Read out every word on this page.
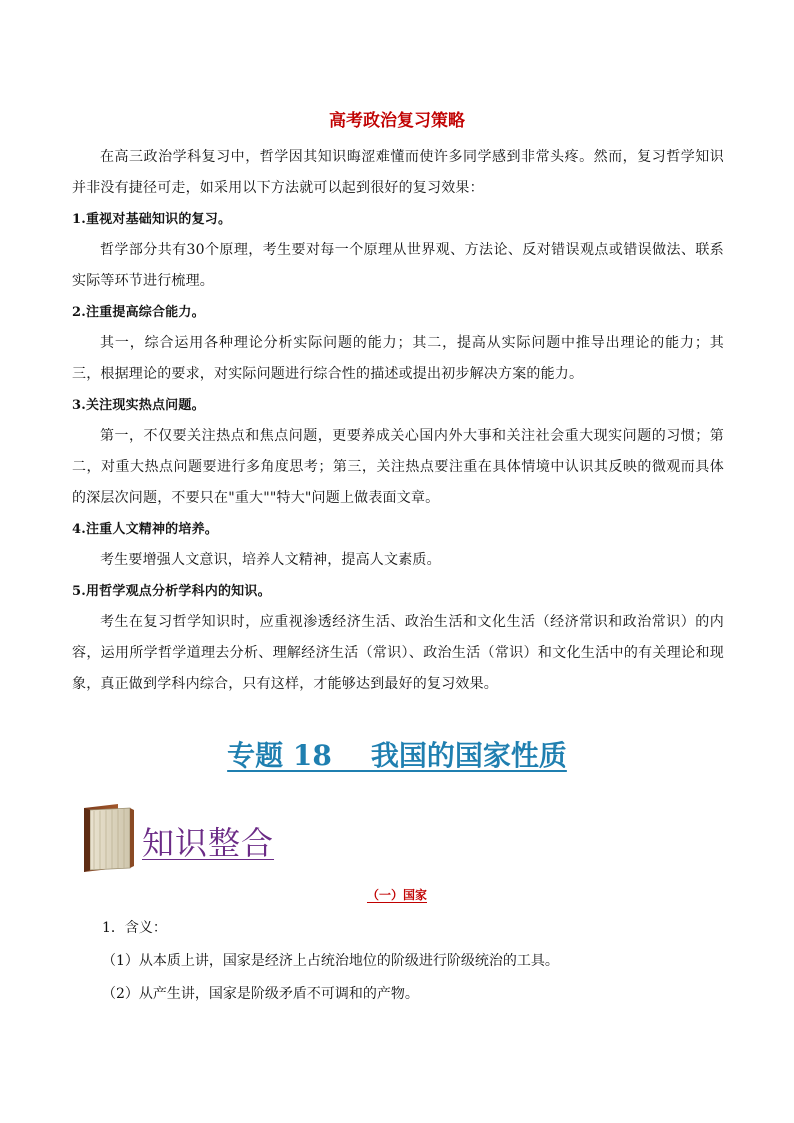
高考政治复习策略

在高三政治学科复习中，哲学因其知识晦涩难懂而使许多同学感到非常头疼。然而，复习哲学知识并非没有捷径可走，如采用以下方法就可以起到很好的复习效果：

1.重视对基础知识的复习。

哲学部分共有30个原理，考生要对每一个原理从世界观、方法论、反对错误观点或错误做法、联系实际等环节进行梳理。

2.注重提高综合能力。

其一，综合运用各种理论分析实际问题的能力；其二，提高从实际问题中推导出理论的能力；其三，根据理论的要求，对实际问题进行综合性的描述或提出初步解决方案的能力。

3.关注现实热点问题。

第一，不仅要关注热点和焦点问题，更要养成关心国内外大事和关注社会重大现实问题的习惯；第二，对重大热点问题要进行多角度思考；第三，关注热点要注重在具体情境中认识其反映的微观而具体的深层次问题，不要只在"重大""特大"问题上做表面文章。

4.注重人文精神的培养。

考生要增强人文意识，培养人文精神，提高人文素质。

5.用哲学观点分析学科内的知识。

考生在复习哲学知识时，应重视渗透经济生活、政治生活和文化生活（经济常识和政治常识）的内容，运用所学哲学道理去分析、理解经济生活（常识）、政治生活（常识）和文化生活中的有关理论和现象，真正做到学科内综合，只有这样，才能够达到最好的复习效果。

专题 18    我国的国家性质
知识整合

（一）国家

1．含义：

（1）从本质上讲，国家是经济上占统治地位的阶级进行阶级统治的工具。

（2）从产生讲，国家是阶级矛盾不可调和的产物。
